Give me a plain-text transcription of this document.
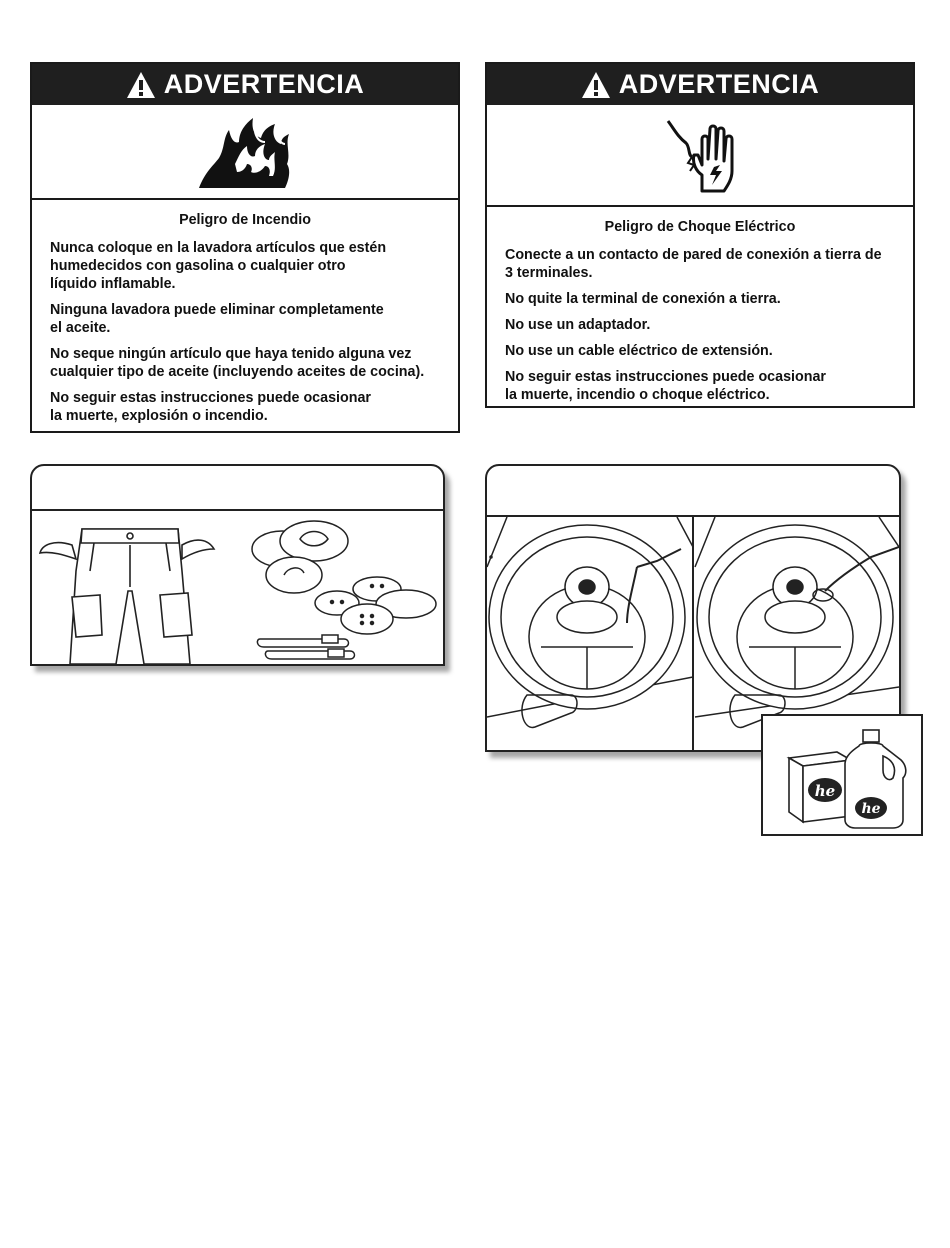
ADVERTENCIA
Peligro de Incendio

Nunca coloque en la lavadora artículos que estén
humedecidos con gasolina o cualquier otro
líquido inflamable.

Ninguna lavadora puede eliminar completamente
el aceite.

No seque ningún artículo que haya tenido alguna vez
cualquier tipo de aceite (incluyendo aceites de cocina).

No seguir estas instrucciones puede ocasionar
la muerte, explosión o incendio.

ADVERTENCIA
Peligro de Choque Eléctrico

Conecte a un contacto de pared de conexión a tierra de
3 terminales.

No quite la terminal de conexión a tierra.

No use un adaptador.

No use un cable eléctrico de extensión.

No seguir estas instrucciones puede ocasionar
la muerte, incendio o choque eléctrico.

he
he
